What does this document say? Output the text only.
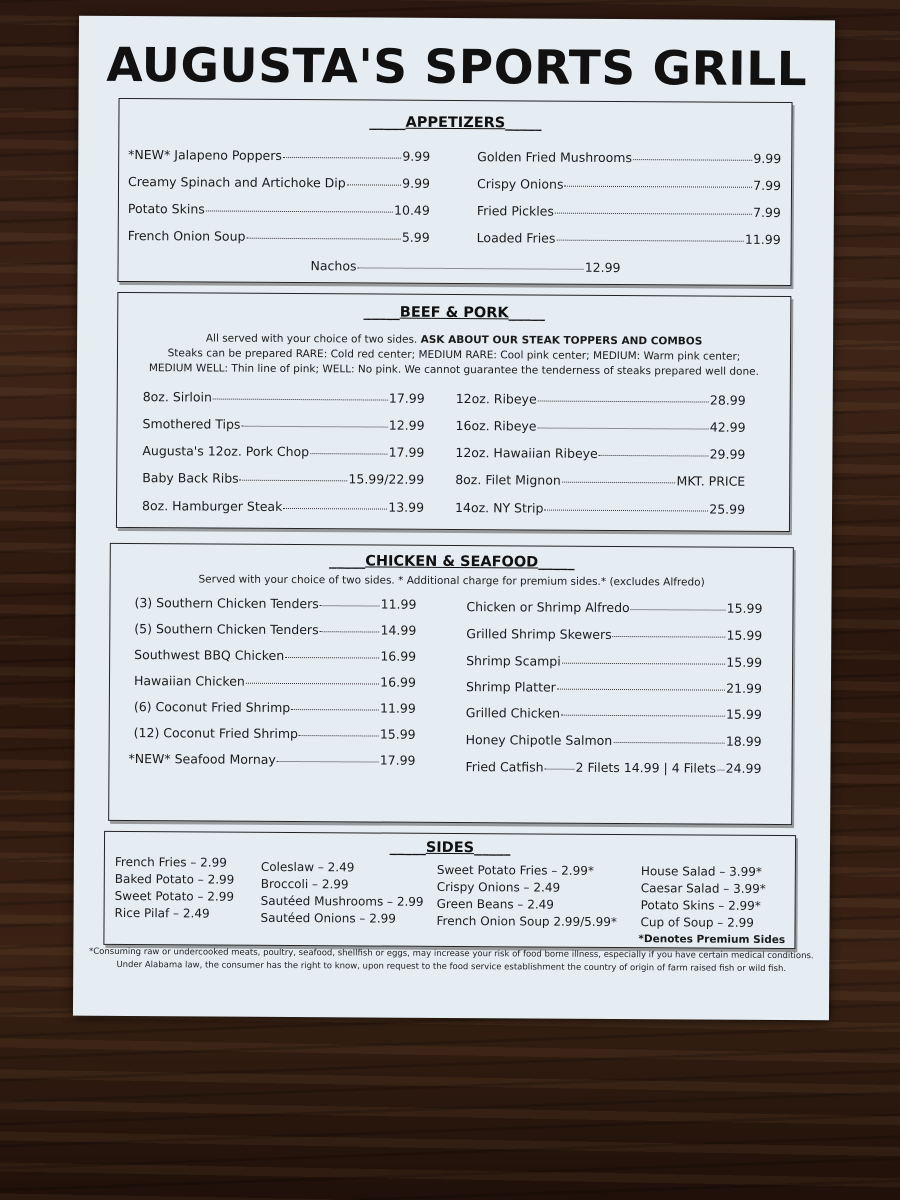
AUGUSTA'S SPORTS GRILL
_____APPETIZERS_____
*NEW* Jalapeno Poppers	9.99
Creamy Spinach and Artichoke Dip	9.99
Potato Skins	10.49
French Onion Soup	5.99
Golden Fried Mushrooms	9.99
Crispy Onions	7.99
Fried Pickles	7.99
Loaded Fries	11.99
Nachos	12.99
_____BEEF & PORK_____
All served with your choice of two sides. ASK ABOUT OUR STEAK TOPPERS AND COMBOS
Steaks can be prepared RARE: Cold red center; MEDIUM RARE: Cool pink center; MEDIUM: Warm pink center;
MEDIUM WELL: Thin line of pink; WELL: No pink. We cannot guarantee the tenderness of steaks prepared well done.
8oz. Sirloin	17.99
Smothered Tips	12.99
Augusta's 12oz. Pork Chop	17.99
Baby Back Ribs	15.99/22.99
8oz. Hamburger Steak	13.99
12oz. Ribeye	28.99
16oz. Ribeye	42.99
12oz. Hawaiian Ribeye	29.99
8oz. Filet Mignon	MKT. PRICE
14oz. NY Strip	25.99
_____CHICKEN & SEAFOOD_____
Served with your choice of two sides. * Additional charge for premium sides.* (excludes Alfredo)
(3) Southern Chicken Tenders	11.99
(5) Southern Chicken Tenders	14.99
Southwest BBQ Chicken	16.99
Hawaiian Chicken	16.99
(6) Coconut Fried Shrimp	11.99
(12) Coconut Fried Shrimp	15.99
*NEW* Seafood Mornay	17.99
Chicken or Shrimp Alfredo	15.99
Grilled Shrimp Skewers	15.99
Shrimp Scampi	15.99
Shrimp Platter	21.99
Grilled Chicken	15.99
Honey Chipotle Salmon	18.99
Fried Catfish	2 Filets 14.99 | 4 Filets 24.99
_____SIDES_____
French Fries – 2.99
Baked Potato – 2.99
Sweet Potato – 2.99
Rice Pilaf – 2.49
Coleslaw – 2.49
Broccoli – 2.99
Sautéed Mushrooms – 2.99
Sautéed Onions – 2.99
Sweet Potato Fries – 2.99*
Crispy Onions – 2.49
Green Beans – 2.49
French Onion Soup 2.99/5.99*
House Salad – 3.99*
Caesar Salad – 3.99*
Potato Skins – 2.99*
Cup of Soup – 2.99
*Denotes Premium Sides
*Consuming raw or undercooked meats, poultry, seafood, shellfish or eggs, may increase your risk of food borne illness, especially if you have certain medical conditions.
Under Alabama law, the consumer has the right to know, upon request to the food service establishment the country of origin of farm raised fish or wild fish.
